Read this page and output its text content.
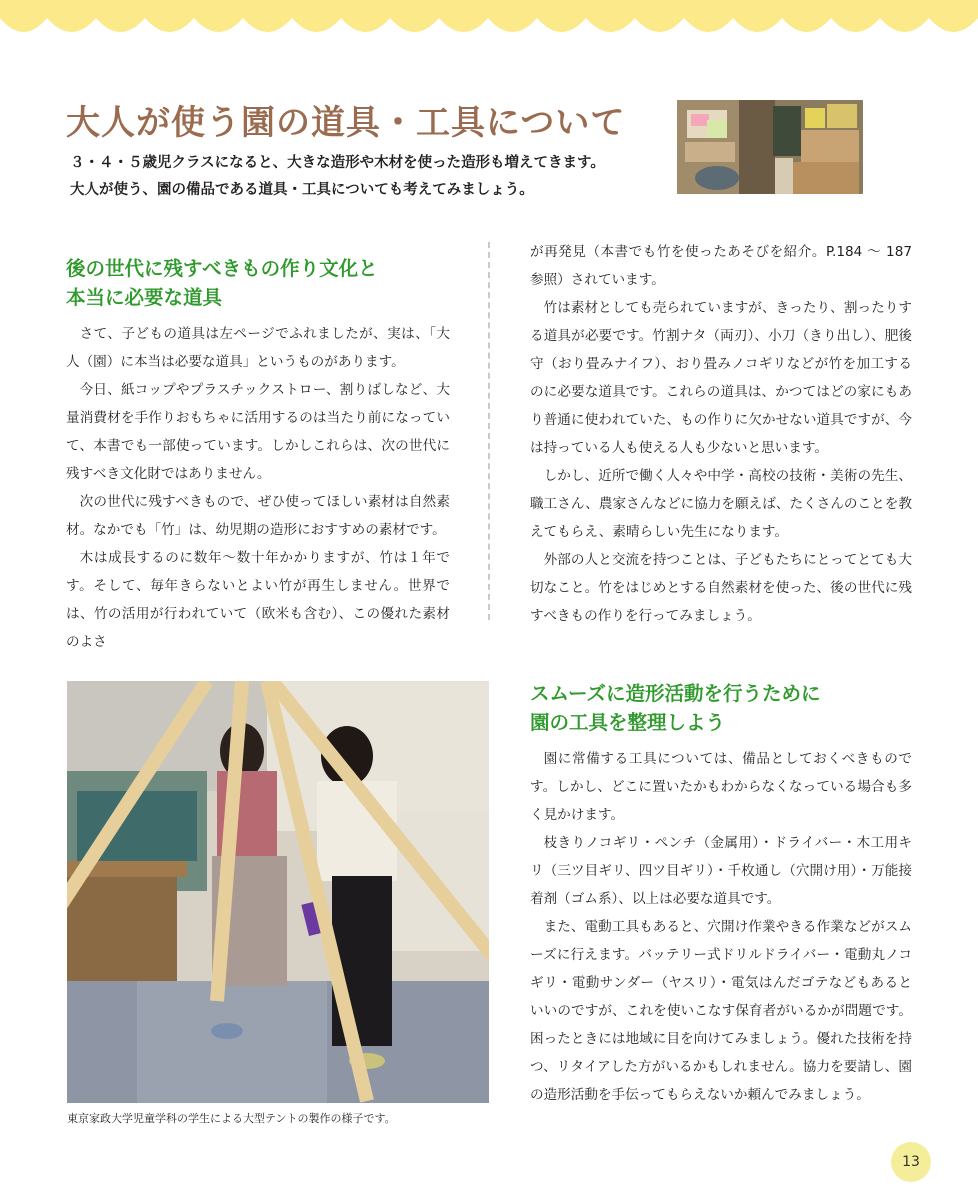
大人が使う園の道具・工具について

３・４・５歳児クラスになると、大きな造形や木材を使った造形も増えてきます。

大人が使う、園の備品である道具・工具についても考えてみましょう。

後の世代に残すべきもの作り文化と
本当に必要な道具

さて、子どもの道具は左ページでふれましたが、実は、「大人（園）に本当は必要な道具」というものがあります。

今日、紙コップやプラスチックストロー、割りばしなど、大量消費材を手作りおもちゃに活用するのは当たり前になっていて、本書でも一部使っています。しかしこれらは、次の世代に残すべき文化財ではありません。

次の世代に残すべきもので、ぜひ使ってほしい素材は自然素材。なかでも「竹」は、幼児期の造形におすすめの素材です。

木は成長するのに数年〜数十年かかりますが、竹は１年です。そして、毎年きらないとよい竹が再生しません。世界では、竹の活用が行われていて（欧米も含む）、この優れた素材のよさ

が再発見（本書でも竹を使ったあそびを紹介。P.184 〜 187 参照）されています。

竹は素材としても売られていますが、きったり、割ったりする道具が必要です。竹割ナタ（両刃）、小刀（きり出し）、肥後守（おり畳みナイフ）、おり畳みノコギリなどが竹を加工するのに必要な道具です。これらの道具は、かつてはどの家にもあり普通に使われていた、もの作りに欠かせない道具ですが、今は持っている人も使える人も少ないと思います。

しかし、近所で働く人々や中学・高校の技術・美術の先生、職工さん、農家さんなどに協力を願えば、たくさんのことを教えてもらえ、素晴らしい先生になります。

外部の人と交流を持つことは、子どもたちにとってとても大切なこと。竹をはじめとする自然素材を使った、後の世代に残すべきもの作りを行ってみましょう。

東京家政大学児童学科の学生による大型テントの製作の様子です。
スムーズに造形活動を行うために
園の工具を整理しよう

園に常備する工具については、備品としておくべきものです。しかし、どこに置いたかもわからなくなっている場合も多く見かけます。

枝きりノコギリ・ペンチ（金属用）・ドライバー・木工用キリ（三ツ目ギリ、四ツ目ギリ）・千枚通し（穴開け用）・万能接着剤（ゴム系）、以上は必要な道具です。

また、電動工具もあると、穴開け作業やきる作業などがスムーズに行えます。バッテリー式ドリルドライバー・電動丸ノコギリ・電動サンダー（ヤスリ）・電気はんだゴテなどもあるといいのですが、これを使いこなす保育者がいるかが問題です。困ったときには地域に目を向けてみましょう。優れた技術を持つ、リタイアした方がいるかもしれません。協力を要請し、園の造形活動を手伝ってもらえないか頼んでみましょう。

13
